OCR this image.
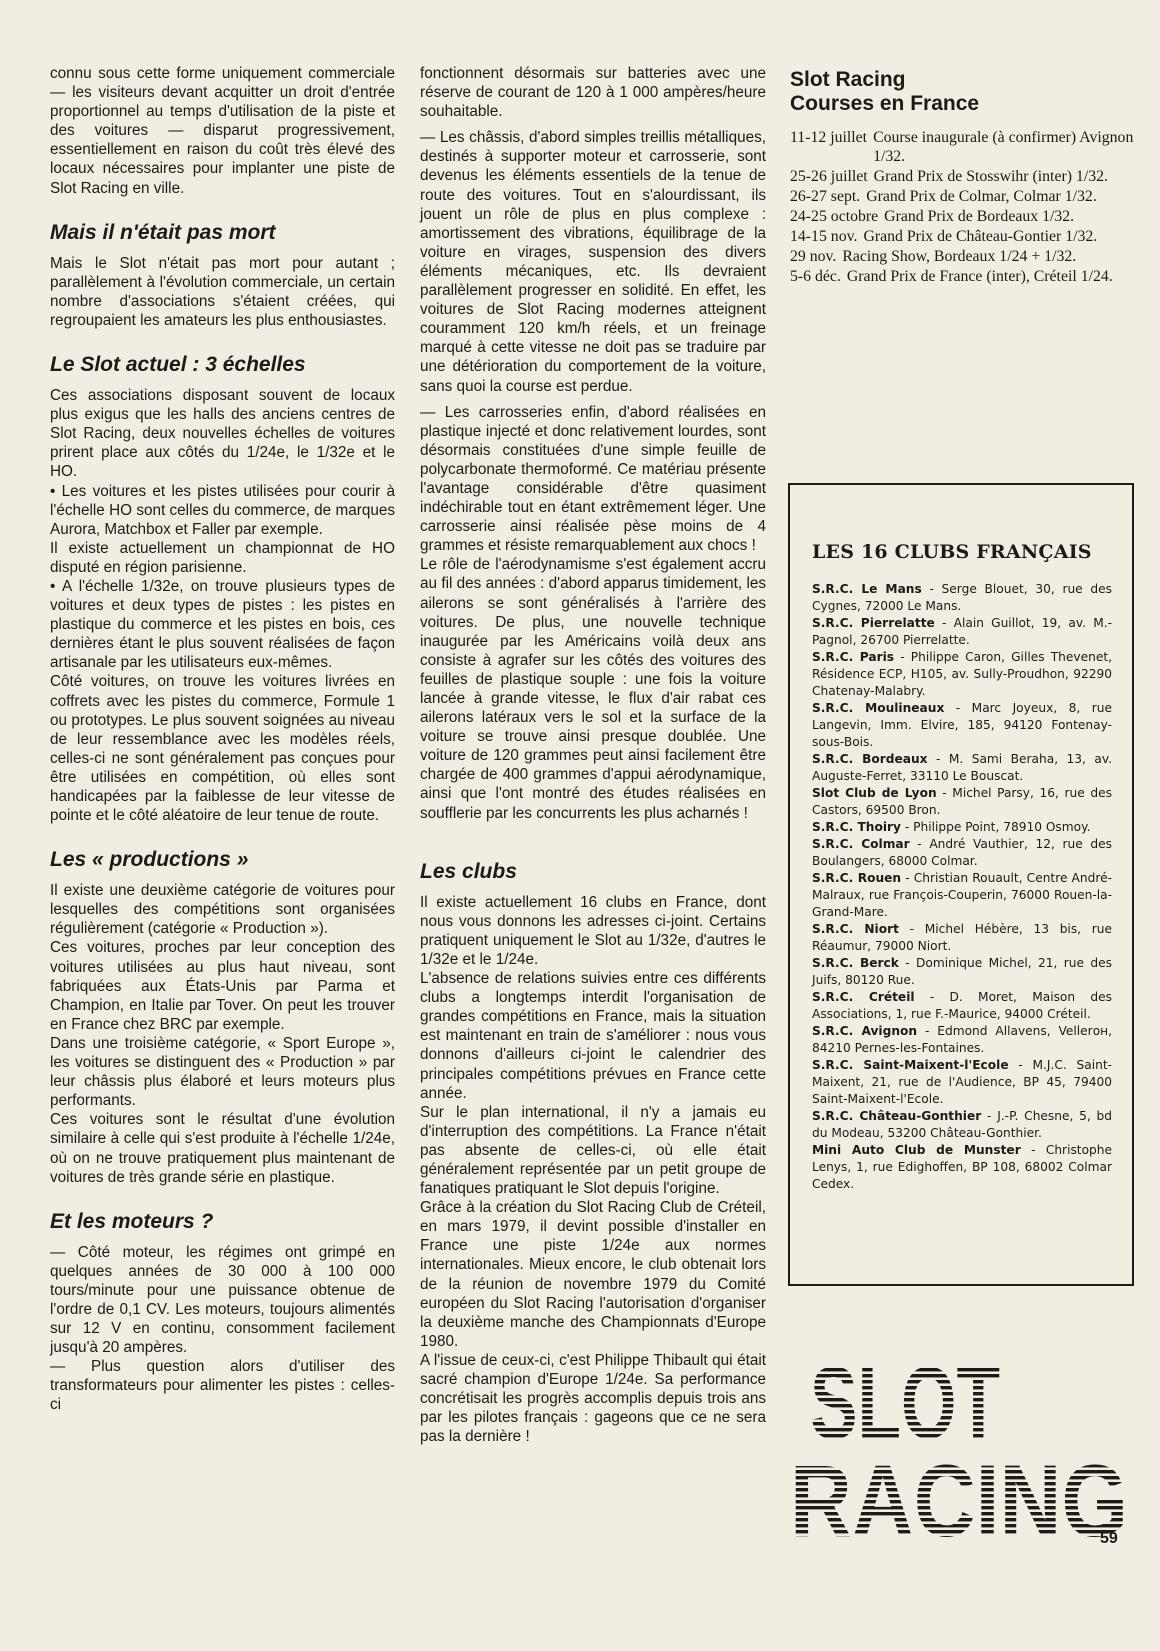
connu sous cette forme uniquement commerciale — les visiteurs devant acquitter un droit d'entrée proportionnel au temps d'utilisation de la piste et des voitures — disparut progressivement, essentiellement en raison du coût très élevé des locaux nécessaires pour implanter une piste de Slot Racing en ville.

Mais il n'était pas mort

Mais le Slot n'était pas mort pour autant ; parallèlement à l'évolution commerciale, un certain nombre d'associations s'étaient créées, qui regroupaient les amateurs les plus enthousiastes.

Le Slot actuel : 3 échelles

Ces associations disposant souvent de locaux plus exigus que les halls des anciens centres de Slot Racing, deux nouvelles échelles de voitures prirent place aux côtés du 1/24e, le 1/32e et le HO.

• Les voitures et les pistes utilisées pour courir à l'échelle HO sont celles du commerce, de marques Aurora, Matchbox et Faller par exemple.

Il existe actuellement un championnat de HO disputé en région parisienne.

• A l'échelle 1/32e, on trouve plusieurs types de voitures et deux types de pistes : les pistes en plastique du commerce et les pistes en bois, ces dernières étant le plus souvent réalisées de façon artisanale par les utilisateurs eux-mêmes.

Côté voitures, on trouve les voitures livrées en coffrets avec les pistes du commerce, Formule 1 ou prototypes. Le plus souvent soignées au niveau de leur ressemblance avec les modèles réels, celles-ci ne sont généralement pas conçues pour être utilisées en compétition, où elles sont handicapées par la faiblesse de leur vitesse de pointe et le côté aléatoire de leur tenue de route.

Les « productions »

Il existe une deuxième catégorie de voitures pour lesquelles des compétitions sont organisées régulièrement (catégorie « Production »).

Ces voitures, proches par leur conception des voitures utilisées au plus haut niveau, sont fabriquées aux États-Unis par Parma et Champion, en Italie par Tover. On peut les trouver en France chez BRC par exemple.

Dans une troisième catégorie, « Sport Europe », les voitures se distinguent des « Production » par leur châssis plus élaboré et leurs moteurs plus performants.

Ces voitures sont le résultat d'une évolution similaire à celle qui s'est produite à l'échelle 1/24e, où on ne trouve pratiquement plus maintenant de voitures de très grande série en plastique.

Et les moteurs ?

— Côté moteur, les régimes ont grimpé en quelques années de 30 000 à 100 000 tours/minute pour une puissance obtenue de l'ordre de 0,1 CV. Les moteurs, toujours alimentés sur 12 V en continu, consomment facilement jusqu'à 20 ampères.

— Plus question alors d'utiliser des transformateurs pour alimenter les pistes : celles-ci

fonctionnent désormais sur batteries avec une réserve de courant de 120 à 1 000 ampères/heure souhaitable.

— Les châssis, d'abord simples treillis métalliques, destinés à supporter moteur et carrosserie, sont devenus les éléments essentiels de la tenue de route des voitures. Tout en s'alourdissant, ils jouent un rôle de plus en plus complexe : amortissement des vibrations, équilibrage de la voiture en virages, suspension des divers éléments mécaniques, etc. Ils devraient parallèlement progresser en solidité. En effet, les voitures de Slot Racing modernes atteignent couramment 120 km/h réels, et un freinage marqué à cette vitesse ne doit pas se traduire par une détérioration du comportement de la voiture, sans quoi la course est perdue.

— Les carrosseries enfin, d'abord réalisées en plastique injecté et donc relativement lourdes, sont désormais constituées d'une simple feuille de polycarbonate thermoformé. Ce matériau présente l'avantage considérable d'être quasiment indéchirable tout en étant extrêmement léger. Une carrosserie ainsi réalisée pèse moins de 4 grammes et résiste remarquablement aux chocs !

Le rôle de l'aérodynamisme s'est également accru au fil des années : d'abord apparus timidement, les ailerons se sont généralisés à l'arrière des voitures. De plus, une nouvelle technique inaugurée par les Américains voilà deux ans consiste à agrafer sur les côtés des voitures des feuilles de plastique souple : une fois la voiture lancée à grande vitesse, le flux d'air rabat ces ailerons latéraux vers le sol et la surface de la voiture se trouve ainsi presque doublée. Une voiture de 120 grammes peut ainsi facilement être chargée de 400 grammes d'appui aérodynamique, ainsi que l'ont montré des études réalisées en soufflerie par les concurrents les plus acharnés !

Les clubs

Il existe actuellement 16 clubs en France, dont nous vous donnons les adresses ci-joint. Certains pratiquent uniquement le Slot au 1/32e, d'autres le 1/32e et le 1/24e.

L'absence de relations suivies entre ces différents clubs a longtemps interdit l'organisation de grandes compétitions en France, mais la situation est maintenant en train de s'améliorer : nous vous donnons d'ailleurs ci-joint le calendrier des principales compétitions prévues en France cette année.

Sur le plan international, il n'y a jamais eu d'interruption des compétitions. La France n'était pas absente de celles-ci, où elle était généralement représentée par un petit groupe de fanatiques pratiquant le Slot depuis l'origine.

Grâce à la création du Slot Racing Club de Créteil, en mars 1979, il devint possible d'installer en France une piste 1/24e aux normes internationales. Mieux encore, le club obtenait lors de la réunion de novembre 1979 du Comité européen du Slot Racing l'autorisation d'organiser la deuxième manche des Championnats d'Europe 1980.

A l'issue de ceux-ci, c'est Philippe Thibault qui était sacré champion d'Europe 1/24e. Sa performance concrétisait les progrès accomplis depuis trois ans par les pilotes français : gageons que ce ne sera pas la dernière !

Slot Racing
Courses en France
11-12 juillet Course inaugurale (à confirmer) Avignon 1/32.
25-26 juillet Grand Prix de Stosswihr (inter) 1/32.
26-27 sept. Grand Prix de Colmar, Colmar 1/32.
24-25 octobre Grand Prix de Bordeaux 1/32.
14-15 nov. Grand Prix de Château-Gontier 1/32.
29 nov. Racing Show, Bordeaux 1/24 + 1/32.
5-6 déc. Grand Prix de France (inter), Créteil 1/24.
LES 16 CLUBS FRANÇAIS
S.R.C. Le Mans - Serge Blouet, 30, rue des Cygnes, 72000 Le Mans.
S.R.C. Pierrelatte - Alain Guillot, 19, av. M.-Pagnol, 26700 Pierrelatte.
S.R.C. Paris - Philippe Caron, Gilles Thevenet, Résidence ECP, H105, av. Sully-Proudhon, 92290 Chatenay-Malabry.
S.R.C. Moulineaux - Marc Joyeux, 8, rue Langevin, Imm. Elvire, 185, 94120 Fontenay-sous-Bois.
S.R.C. Bordeaux - M. Sami Beraha, 13, av. Auguste-Ferret, 33110 Le Bouscat.
Slot Club de Lyon - Michel Parsy, 16, rue des Castors, 69500 Bron.
S.R.C. Thoiry - Philippe Point, 78910 Osmoy.
S.R.C. Colmar - André Vauthier, 12, rue des Boulangers, 68000 Colmar.
S.R.C. Rouen - Christian Rouault, Centre André-Malraux, rue François-Couperin, 76000 Rouen-la-Grand-Mare.
S.R.C. Niort - Michel Hébère, 13 bis, rue Réaumur, 79000 Niort.
S.R.C. Berck - Dominique Michel, 21, rue des Juifs, 80120 Rue.
S.R.C. Créteil - D. Moret, Maison des Associations, 1, rue F.-Maurice, 94000 Créteil.
S.R.C. Avignon - Edmond Allavens, Vellerон, 84210 Pernes-les-Fontaines.
S.R.C. Saint-Maixent-l'Ecole - M.J.C. Saint-Maixent, 21, rue de l'Audience, BP 45, 79400 Saint-Maixent-l'Ecole.
S.R.C. Château-Gonthier - J.-P. Chesne, 5, bd du Modeau, 53200 Château-Gonthier.
Mini Auto Club de Munster - Christophe Lenys, 1, rue Edighoffen, BP 108, 68002 Colmar Cedex.
SLOT
RACING
59
